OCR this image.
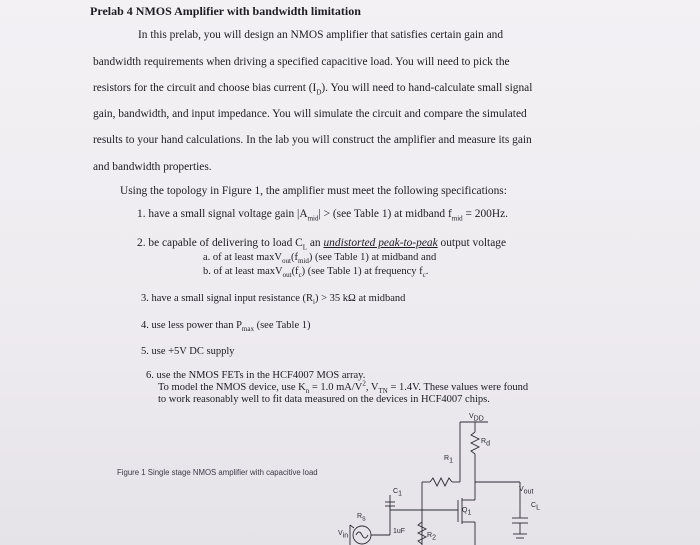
Prelab 4 NMOS Amplifier with bandwidth limitation
In this prelab, you will design an NMOS amplifier that satisfies certain gain and
bandwidth requirements when driving a specified capacitive load. You will need to pick the
resistors for the circuit and choose bias current $(I_D)$. You will need to hand-calculate small signal
gain, bandwidth, and input impedance. You will simulate the circuit and compare the simulated
results to your hand calculations. In the lab you will construct the amplifier and measure its gain
and bandwidth properties.
Using the topology in Figure 1, the amplifier must meet the following specifications:
1. have a small signal voltage gain $|A_{mid}| > (see$ Table 1) at midband $f_{mid} = 200Hz$.
2. be capable of delivering to load $C_L$ an undistorted peak-to-peak output voltage
a. of at least $\max V_{out}(f_{mid})$ (see Table 1) at midband and
b. of at least $\max V_{out}(f_c)$ (see Table 1) at frequency $f_c$.
3. have a small signal input resistance $(R_i) > 35$ kΩ at midband
4. use less power than $P_{max}$ (see Table 1)
5. use +5V DC supply
6. use the NMOS FETs in the HCF4007 MOS array.
To model the NMOS device, use $K_n = 1.0$ $mA/V^2$, $V_{TN} = 1.4V$. These values were found
to work reasonably well to fit data measured on the devices in HCF4007 chips.
Figure 1 Single stage NMOS amplifier with capacitive load
$V_{DD}$
$R_d$
$R_1$
$C_1$
$Q_1$
$V_{out}$
$C_L$
1uF
$V_{in}$	$R_2$
$R_s$
